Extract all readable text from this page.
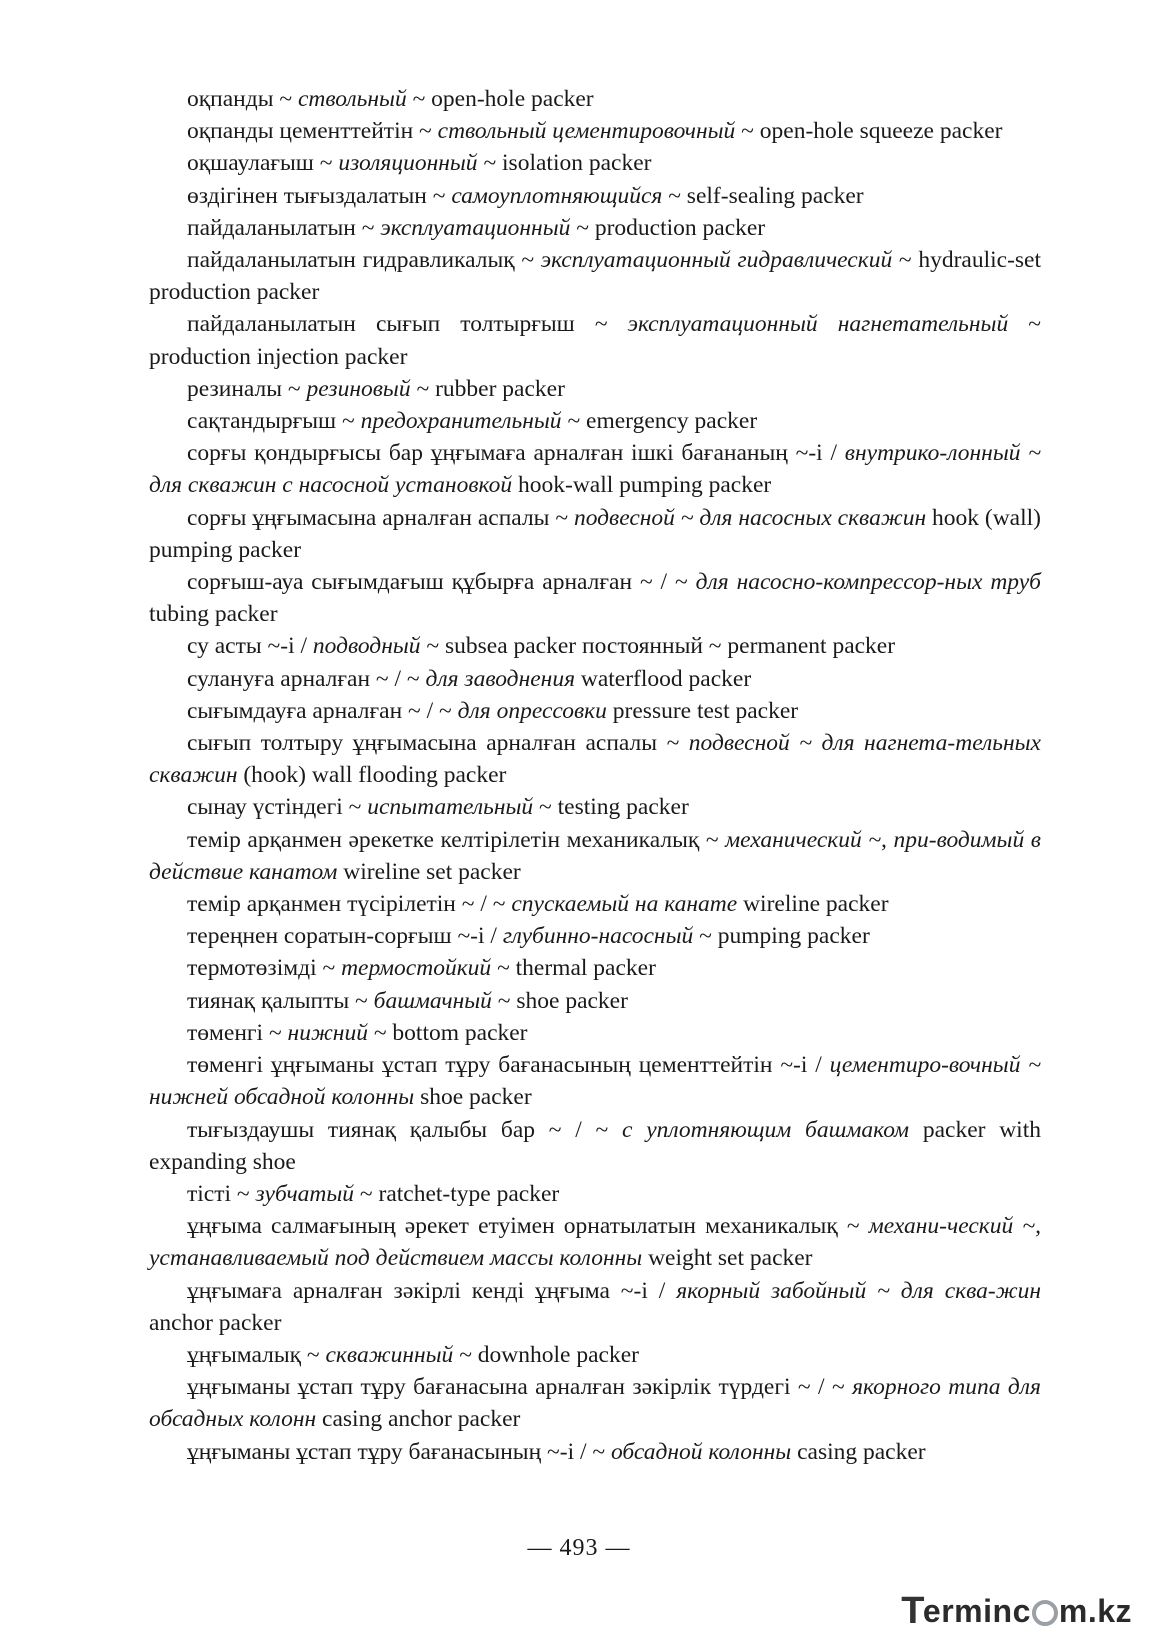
оқпанды ~ ствольный ~ open-hole packer

оқпанды цементтейтін ~ ствольный цементировочный ~ open-hole squeeze packer

оқшаулағыш ~ изоляционный ~ isolation packer

өздігінен тығыздалатын ~ самоуплотняющийся ~ self-sealing packer

пайдаланылатын ~ эксплуатационный ~ production packer

пайдаланылатын гидравликалық ~ эксплуатационный гидравлический ~ hydraulic-set production packer

пайдаланылатын сығып толтырғыш ~ эксплуатационный нагнетательный ~ production injection packer

резиналы ~ резиновый ~ rubber packer

сақтандырғыш ~ предохранительный ~ emergency packer

сорғы қондырғысы бар ұңғымаға арналған ішкі бағананың ~-і / внутрико-лонный ~ для скважин с насосной установкой hook-wall pumping packer

сорғы ұңғымасына арналған аспалы ~ подвесной ~ для насосных скважин hook (wall) pumping packer

сорғыш-ауа сығымдағыш құбырға арналған ~ / ~ для насосно-компрессор-ных труб tubing packer

су асты ~-і / подводный ~ subsea packer постоянный ~ permanent packer

сулануға арналған ~ / ~ для заводнения waterflood packer

сығымдауға арналған ~ / ~ для опрессовки pressure test packer

сығып толтыру ұңғымасына арналған аспалы ~ подвесной ~ для нагнета-тельных скважин (hook) wall flooding packer

сынау үстіндегі ~ испытательный ~ testing packer

темір арқанмен әрекетке келтірілетін механикалық ~ механический ~, при-водимый в действие канатом wireline set packer

темір арқанмен түсірілетін ~ / ~ спускаемый на канате wireline packer

тереңнен соратын-сорғыш ~-і / глубинно-насосный ~ pumping packer

термотөзімді ~ термостойкий ~ thermal packer

тиянақ қалыпты ~ башмачный ~ shoe packer

төменгі ~ нижний ~ bottom packer

төменгі ұңғыманы ұстап тұру бағанасының цементтейтін ~-і / цементиро-вочный ~ нижней обсадной колонны shoe packer

тығыздаушы тиянақ қалыбы бар ~ / ~ с уплотняющим башмаком packer with expanding shoe

тісті ~ зубчатый ~ ratchet-type packer

ұңғыма салмағының әрекет етуімен орнатылатын механикалық ~ механи-ческий ~, устанавливаемый под действием массы колонны weight set packer

ұңғымаға арналған зәкірлі кенді ұңғыма ~-і / якорный забойный ~ для сква-жин anchor packer

ұңғымалық ~ скважинный ~ downhole packer

ұңғыманы ұстап тұру бағанасына арналған зәкірлік түрдегі ~ / ~ якорного типа для обсадных колонн casing anchor packer

ұңғыманы ұстап тұру бағанасының ~-і / ~ обсадной колонны casing packer

— 493 —
T
erminc m.kz
